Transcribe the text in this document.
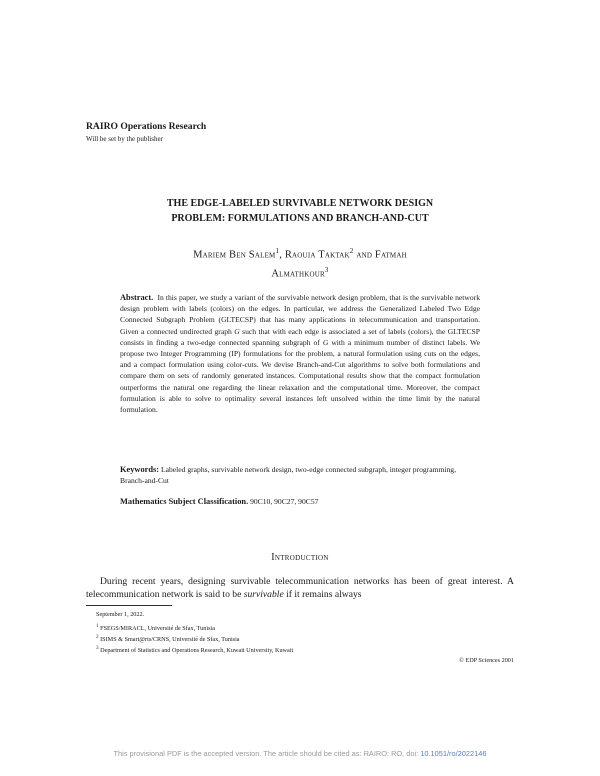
RAIRO Operations Research
Will be set by the publisher
THE EDGE-LABELED SURVIVABLE NETWORK DESIGN
PROBLEM: FORMULATIONS AND BRANCH-AND-CUT
Mariem Ben Salem$^1$, Raouia Taktak$^2$ and Fatmah
Almathkour$^3$
Abstract. In this paper, we study a variant of the survivable network design problem, that is the survivable network design problem with labels (colors) on the edges. In particular, we address the Generalized Labeled Two Edge Connected Subgraph Problem (GLTECSP) that has many applications in telecommunication and transportation. Given a connected undirected graph G such that with each edge is associated a set of labels (colors), the GLTECSP consists in finding a two-edge connected spanning subgraph of G with a minimum number of distinct labels. We propose two Integer Programming (IP) formulations for the problem, a natural formulation using cuts on the edges, and a compact formulation using color-cuts. We devise Branch-and-Cut algorithms to solve both formulations and compare them on sets of randomly generated instances. Computational results show that the compact formulation outperforms the natural one regarding the linear relaxation and the computational time. Moreover, the compact formulation is able to solve to optimality several instances left unsolved within the time limit by the natural formulation.
Keywords: Labeled graphs, survivable network design, two-edge connected subgraph, integer programming, Branch-and-Cut
Mathematics Subject Classification. 90C10, 90C27, 90C57
Introduction

During recent years, designing survivable telecommunication networks has been of great interest. A telecommunication network is said to be survivable if it remains always

September 1, 2022.
$^1$ FSEGS/MIRACL, Université de Sfax, Tunisia
$^2$ ISIMS & Smart@rts/CRNS, Université de Sfax, Tunisia
$^3$ Department of Statistics and Operations Research, Kuwait University, Kuwait
© EDP Sciences 2001
This provisional PDF is the accepted version. The article should be cited as: RAIRO: RO, doi: 10.1051/ro/2022146
